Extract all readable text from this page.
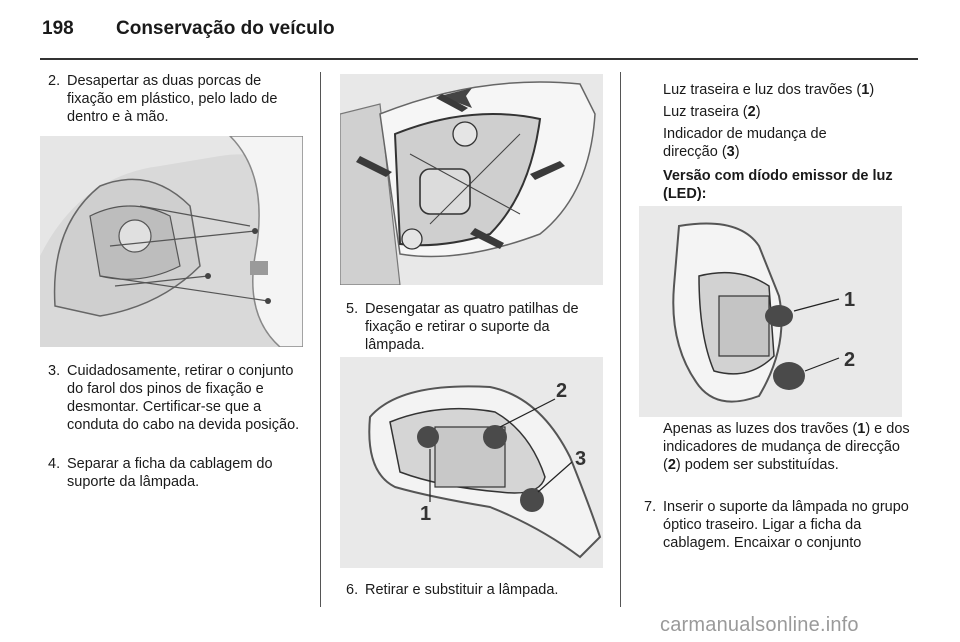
198 Conservação do veículo
2. Desapertar as duas porcas de fixação em plástico, pelo lado de dentro e à mão.
3. Cuidadosamente, retirar o conjunto do farol dos pinos de fixação e desmontar. Certificar-se que a conduta do cabo na devida posição.
4. Separar a ficha da cablagem do suporte da lâmpada.
5. Desengatar as quatro patilhas de fixação e retirar o suporte da lâmpada.
2
3
1
6. Retirar e substituir a lâmpada.
Luz traseira e luz dos travões (1)
Luz traseira (2)
Indicador de mudança de direcção (3)
Versão com díodo emissor de luz (LED):
1
2
Apenas as luzes dos travões (1) e dos indicadores de mudança de direcção (2) podem ser substituídas.
7. Inserir o suporte da lâmpada no grupo óptico traseiro. Ligar a ficha da cablagem. Encaixar o conjunto
carmanualsonline.info
